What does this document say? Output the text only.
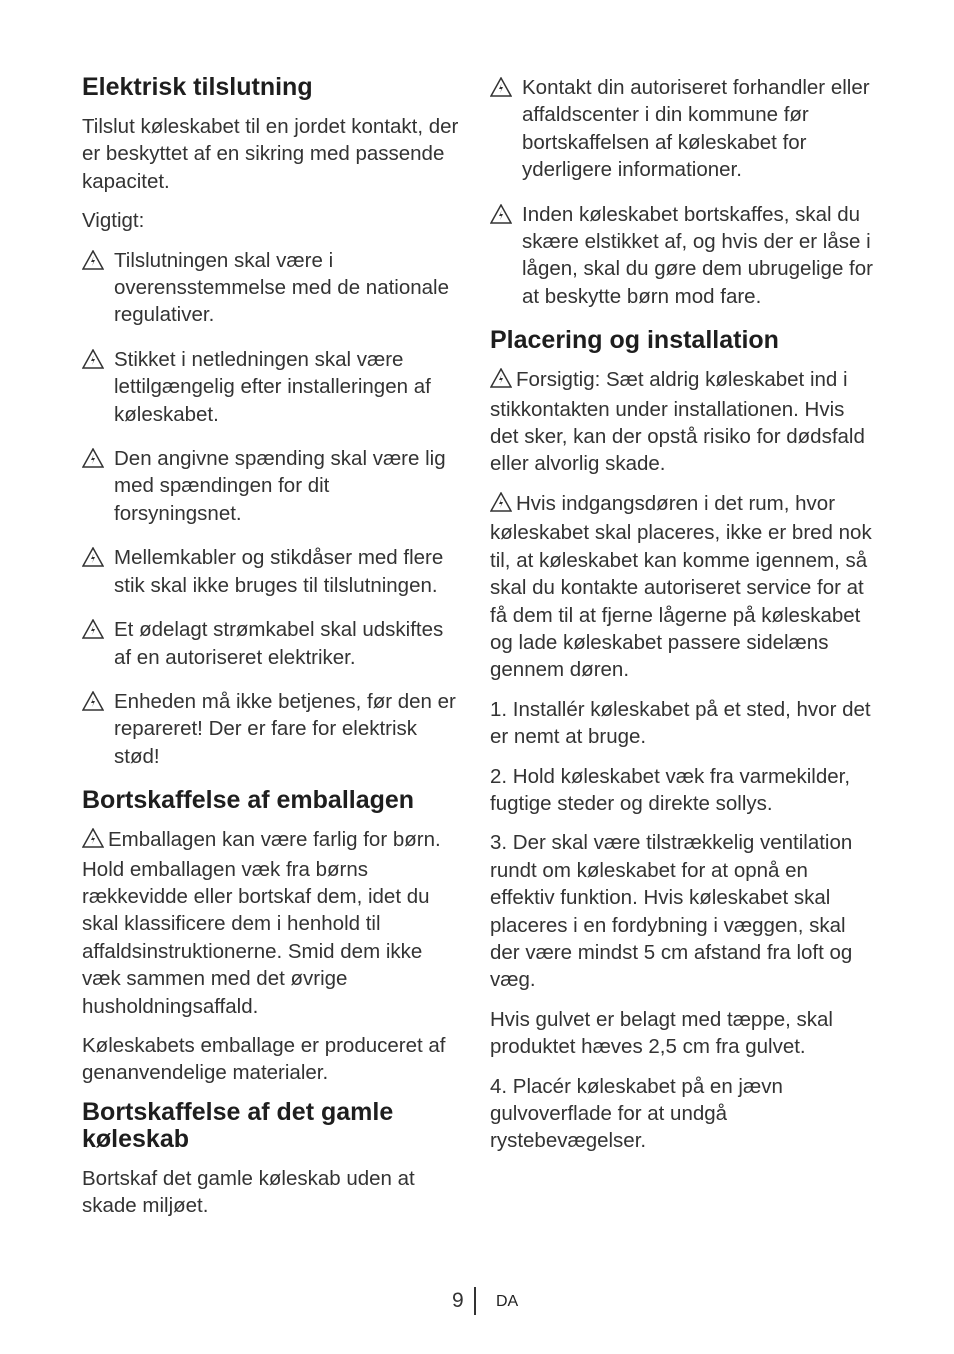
Elektrisk tilslutning

Tilslut køleskabet til en jordet kontakt, der er beskyttet af en sikring med passende kapacitet.

Vigtigt:

Tilslutningen skal være i overensstemmelse med de nationale regulativer.

Stikket i netledningen skal være lettilgængelig efter installeringen af køleskabet.

Den angivne spænding skal være lig med spændingen for dit forsyningsnet.

Mellemkabler og stikdåser med flere stik skal ikke bruges til tilslutningen.

Et ødelagt strømkabel skal udskiftes af en autoriseret elektriker.

Enheden må ikke betjenes, før den er repareret! Der er fare for elektrisk stød!

Bortskaffelse af emballagen

Emballagen kan være farlig for børn. Hold emballagen væk fra børns rækkevidde eller bortskaf dem, idet du skal klassificere dem i henhold til affaldsinstruktionerne. Smid dem ikke væk sammen med det øvrige husholdningsaffald.

Køleskabets emballage er produceret af genanvendelige materialer.

Bortskaffelse af det gamle køleskab

Bortskaf det gamle køleskab uden at skade miljøet.

Kontakt din autoriseret forhandler eller affaldscenter i din kommune før bortskaffelsen af køleskabet for yderligere informationer.

Inden køleskabet bortskaffes, skal du skære elstikket af, og hvis der er låse i lågen, skal du gøre dem ubrugelige for at beskytte børn mod fare.

Placering og installation

Forsigtig: Sæt aldrig køleskabet ind i stikkontakten under installationen. Hvis det sker, kan der opstå risiko for dødsfald eller alvorlig skade.

Hvis indgangsdøren i det rum, hvor køleskabet skal placeres, ikke er bred nok til, at køleskabet kan komme igennem, så skal du kontakte autoriseret service for at få dem til at fjerne lågerne på køleskabet og lade køleskabet passere sidelæns gennem døren.

1. Installér køleskabet på et sted, hvor det er nemt at bruge.

2. Hold køleskabet væk fra varmekilder, fugtige steder og direkte sollys.

3. Der skal være tilstrækkelig ventilation rundt om køleskabet for at opnå en effektiv funktion. Hvis køleskabet skal placeres i en fordybning i væggen, skal der være mindst 5 cm afstand fra loft og væg.

Hvis gulvet er belagt med tæppe, skal produktet hæves 2,5 cm fra gulvet.

4. Placér køleskabet på en jævn gulvoverflade for at undgå rystebevægelser.

9 DA
